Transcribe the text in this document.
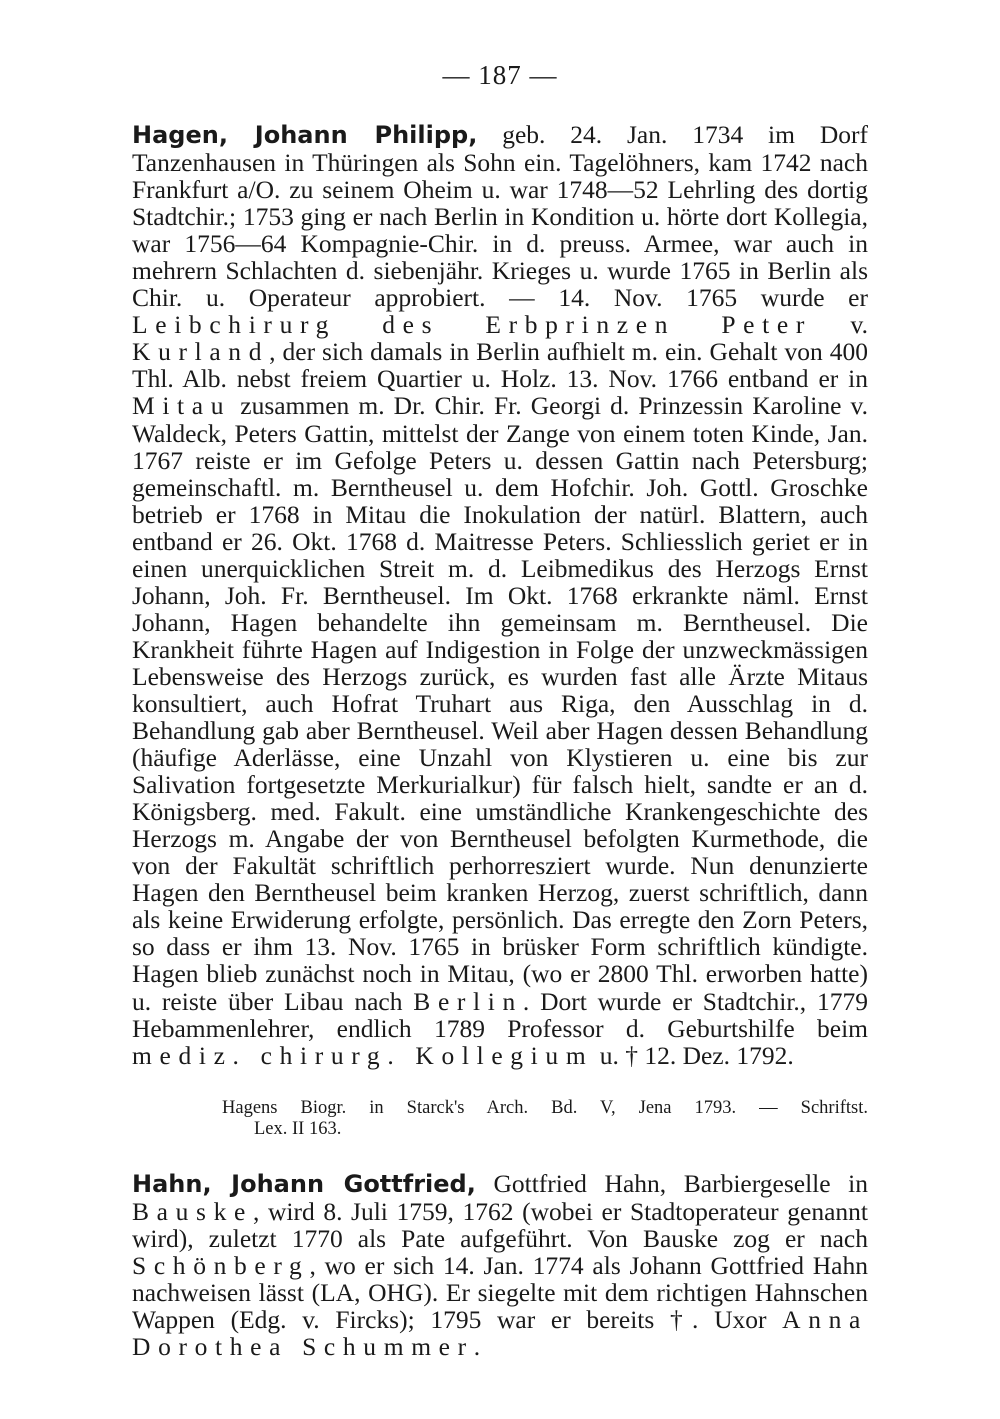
— 187 —

Hagen, Johann Philipp, geb. 24. Jan. 1734 im Dorf Tanzenhausen in Thüringen als Sohn ein. Tagelöhners, kam 1742 nach Frankfurt a/O. zu seinem Oheim u. war 1748—52 Lehrling des dortig Stadtchir.; 1753 ging er nach Berlin in Kondition u. hörte dort Kollegia, war 1756—64 Kompagnie-Chir. in d. preuss. Armee, war auch in mehrern Schlachten d. siebenjähr. Krieges u. wurde 1765 in Berlin als Chir. u. Operateur approbiert. — 14. Nov. 1765 wurde er Leibchirurg des Erbprinzen Peter v. Kurland, der sich damals in Berlin aufhielt m. ein. Gehalt von 400 Thl. Alb. nebst freiem Quartier u. Holz. 13. Nov. 1766 entband er in Mitau zusammen m. Dr. Chir. Fr. Georgi d. Prinzessin Karoline v. Waldeck, Peters Gattin, mittelst der Zange von einem toten Kinde, Jan. 1767 reiste er im Gefolge Peters u. dessen Gattin nach Petersburg; gemeinschaftl. m. Berntheusel u. dem Hofchir. Joh. Gottl. Groschke betrieb er 1768 in Mitau die Inokulation der natürl. Blattern, auch entband er 26. Okt. 1768 d. Maitresse Peters. Schliesslich geriet er in einen unerquicklichen Streit m. d. Leibmedikus des Herzogs Ernst Johann, Joh. Fr. Berntheusel. Im Okt. 1768 erkrankte näml. Ernst Johann, Hagen behandelte ihn gemeinsam m. Berntheusel. Die Krankheit führte Hagen auf Indigestion in Folge der unzweckmässigen Lebensweise des Herzogs zurück, es wurden fast alle Ärzte Mitaus konsultiert, auch Hofrat Truhart aus Riga, den Ausschlag in d. Behandlung gab aber Berntheusel. Weil aber Hagen dessen Behandlung (häufige Aderlässe, eine Unzahl von Klystieren u. eine bis zur Salivation fortgesetzte Merkurialkur) für falsch hielt, sandte er an d. Königsberg. med. Fakult. eine umständliche Krankengeschichte des Herzogs m. Angabe der von Berntheusel befolgten Kurmethode, die von der Fakultät schriftlich perhorresziert wurde. Nun denunzierte Hagen den Berntheusel beim kranken Herzog, zuerst schriftlich, dann als keine Erwiderung erfolgte, persönlich. Das erregte den Zorn Peters, so dass er ihm 13. Nov. 1765 in brüsker Form schriftlich kündigte. Hagen blieb zunächst noch in Mitau, (wo er 2800 Thl. erworben hatte) u. reiste über Libau nach Berlin. Dort wurde er Stadtchir., 1779 Hebammenlehrer, endlich 1789 Professor d. Geburtshilfe beim mediz. chirurg. Kollegium u. † 12. Dez. 1792.

Hagens Biogr. in Starck's Arch. Bd. V, Jena 1793. — Schriftst.
Lex. II 163.

Hahn, Johann Gottfried, Gottfried Hahn, Barbiergeselle in Bauske, wird 8. Juli 1759, 1762 (wobei er Stadtoperateur genannt wird), zuletzt 1770 als Pate aufgeführt. Von Bauske zog er nach Schönberg, wo er sich 14. Jan. 1774 als Johann Gottfried Hahn nachweisen lässt (LA, OHG). Er siegelte mit dem richtigen Hahnschen Wappen (Edg. v. Fircks); 1795 war er bereits †. Uxor Anna Dorothea Schummer.
